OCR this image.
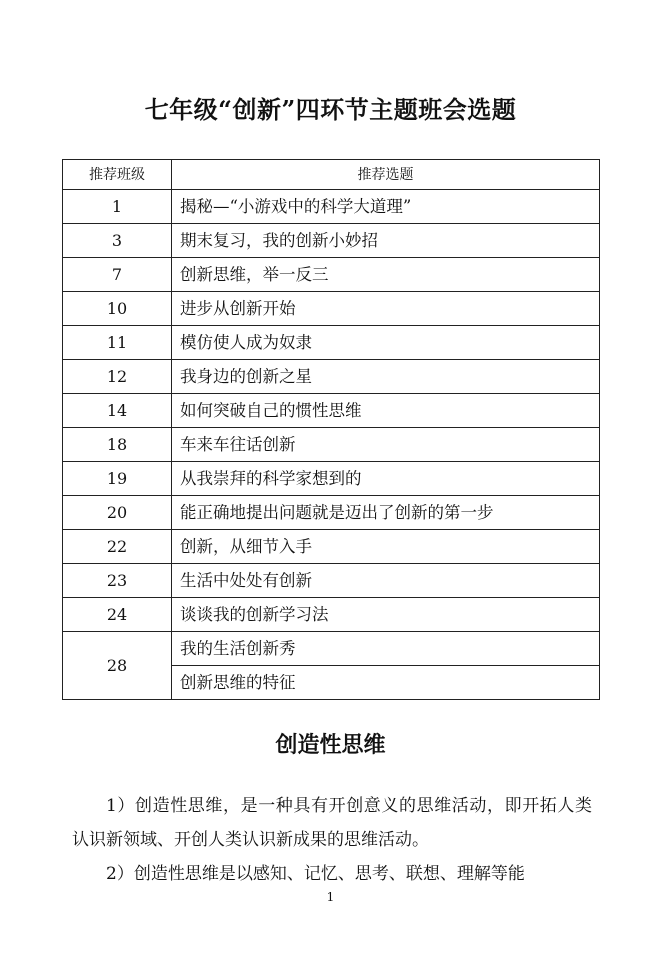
七年级“创新”四环节主题班会选题
推荐班级	推荐选题
1	揭秘—“小游戏中的科学大道理”
3	期末复习，我的创新小妙招
7	创新思维，举一反三
10	进步从创新开始
11	模仿使人成为奴隶
12	我身边的创新之星
14	如何突破自己的惯性思维
18	车来车往话创新
19	从我崇拜的科学家想到的
20	能正确地提出问题就是迈出了创新的第一步
22	创新，从细节入手
23	生活中处处有创新
24	谈谈我的创新学习法
28	我的生活创新秀
	创新思维的特征
创造性思维

1）创造性思维，是一种具有开创意义的思维活动，即开拓人类认识新领域、开创人类认识新成果的思维活动。

2）创造性思维是以感知、记忆、思考、联想、理解等能

1
